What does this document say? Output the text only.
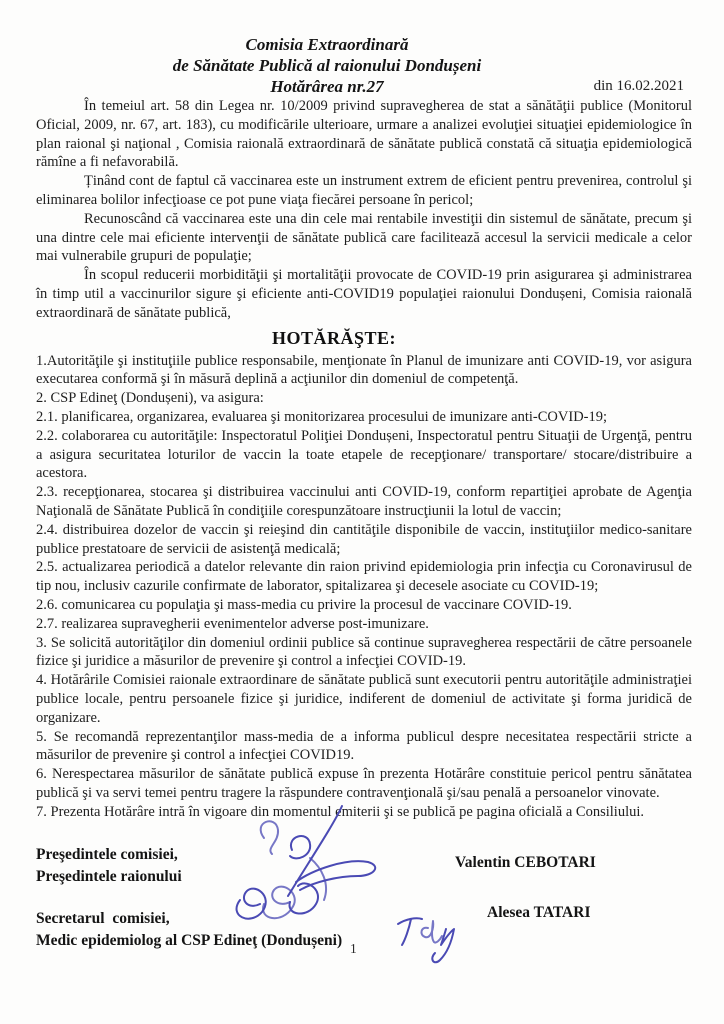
Comisia Extraordinară
de Sănătate Publică al raionului Dondușeni
Hotărârea nr.27	din 16.02.2021

În temeiul art. 58 din Legea nr. 10/2009 privind supravegherea de stat a sănătăţii publice (Monitorul Oficial, 2009, nr. 67, art. 183), cu modificările ulterioare, urmare a analizei evoluţiei situaţiei epidemiologice în plan raional şi naţional , Comisia raională extraordinară de sănătate publică constată că situaţia epidemiologică rămîne a fi nefavorabilă.

Ținând cont de faptul că vaccinarea este un instrument extrem de eficient pentru prevenirea, controlul şi eliminarea bolilor infecţioase ce pot pune viaţa fiecărei persoane în pericol;

Recunoscând că vaccinarea este una din cele mai rentabile investiţii din sistemul de sănătate, precum şi una dintre cele mai eficiente intervenţii de sănătate publică care facilitează accesul la servicii medicale a celor mai vulnerabile grupuri de populaţie;

În scopul reducerii morbidităţii şi mortalităţii provocate de COVID-19 prin asigurarea şi administrarea în timp util a vaccinurilor sigure şi eficiente anti-COVID19 populaţiei raionului Dondușeni, Comisia raională extraordinară de sănătate publică,

HOTĂRĂŞTE:

1.Autorităţile şi instituţiile publice responsabile, menţionate în Planul de imunizare anti COVID-19, vor asigura executarea conformă şi în măsură deplină a acţiunilor din domeniul de competenţă.

2. CSP Edineţ (Dondușeni), va asigura:

2.1. planificarea, organizarea, evaluarea şi monitorizarea procesului de imunizare anti-COVID-19;

2.2. colaborarea cu autorităţile: Inspectoratul Poliţiei Dondușeni, Inspectoratul pentru Situaţii de Urgenţă, pentru a asigura securitatea loturilor de vaccin la toate etapele de recepţionare/ transportare/ stocare/distribuire a acestora.

2.3. recepţionarea, stocarea şi distribuirea vaccinului anti COVID-19, conform repartiţiei aprobate de Agenţia Naţională de Sănătate Publică în condiţiile corespunzătoare instrucţiunii la lotul de vaccin;

2.4. distribuirea dozelor de vaccin şi reieşind din cantităţile disponibile de vaccin, instituţiilor medico-sanitare publice prestatoare de servicii de asistenţă medicală;

2.5. actualizarea periodică a datelor relevante din raion privind epidemiologia prin infecţia cu Coronavirusul de tip nou, inclusiv cazurile confirmate de laborator, spitalizarea şi decesele asociate cu COVID-19;

2.6. comunicarea cu populaţia şi mass-media cu privire la procesul de vaccinare COVID-19.

2.7. realizarea supravegherii evenimentelor adverse post-imunizare.

3. Se solicită autorităţilor din domeniul ordinii publice să continue supravegherea respectării de către persoanele fizice şi juridice a măsurilor de prevenire şi control a infecţiei COVID-19.

4. Hotărârile Comisiei raionale extraordinare de sănătate publică sunt executorii pentru autorităţile administraţiei publice locale, pentru persoanele fizice şi juridice, indiferent de domeniul de activitate şi forma juridică de organizare.

5. Se recomandă reprezentanţilor mass-media de a informa publicul despre necesitatea respectării stricte a măsurilor de prevenire şi control a infecţiei COVID19.

6. Nerespectarea măsurilor de sănătate publică expuse în prezenta Hotărâre constituie pericol pentru sănătatea publică şi va servi temei pentru tragere la răspundere contravenţională şi/sau penală a persoanelor vinovate.

7. Prezenta Hotărâre intră în vigoare din momentul emiterii şi se publică pe pagina oficială a Consiliului.

Preşedintele comisiei,
Preşedintele raionului
Valentin CEBOTARI
Secretarul  comisiei,
Medic epidemiolog al CSP Edineţ (Dondușeni)
Alesea TATARI
1
